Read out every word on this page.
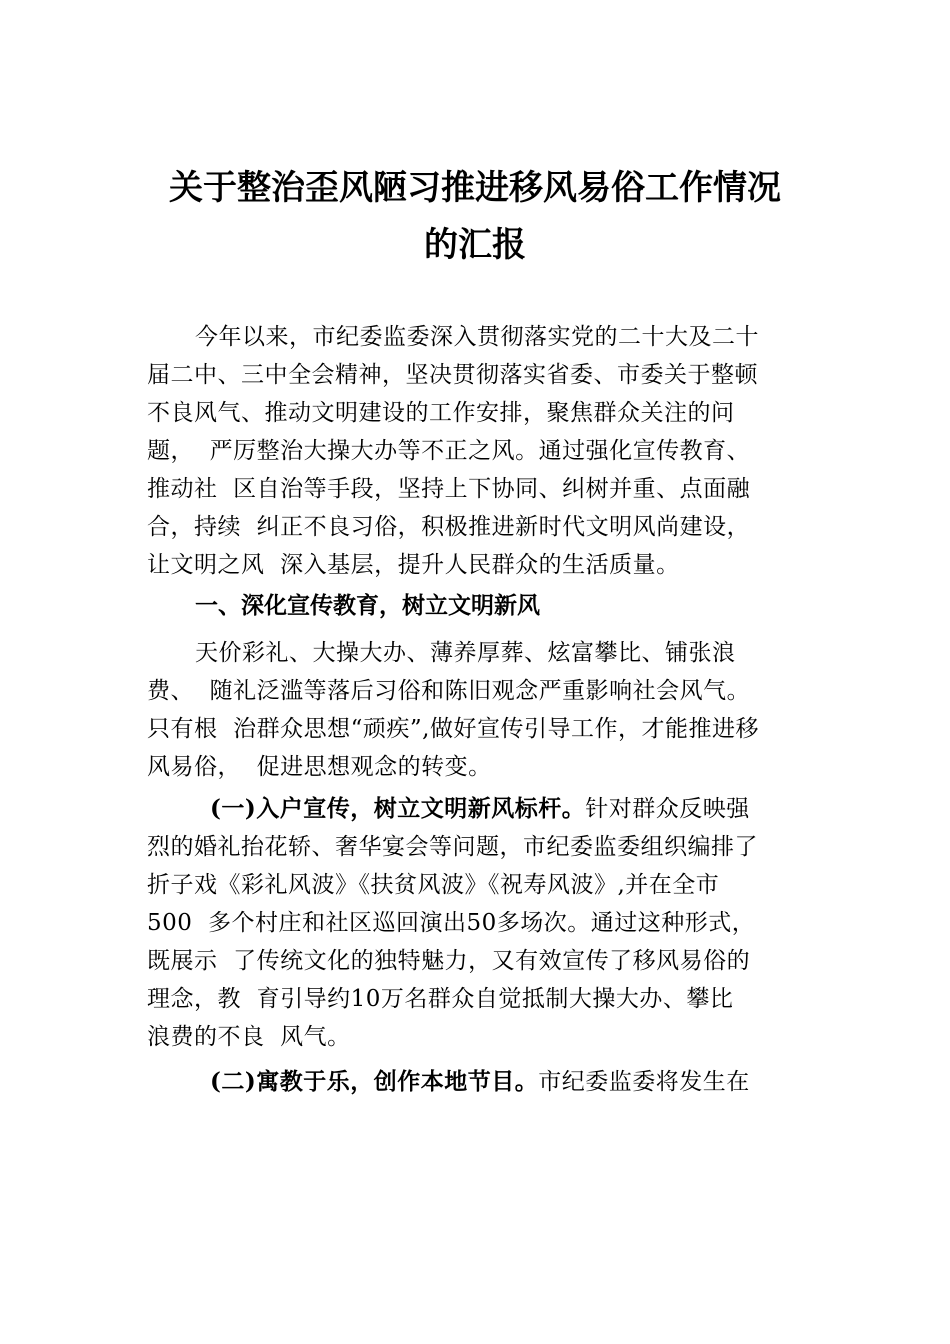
关于整治歪风陋习推进移风易俗工作情况
的汇报
今年以来，市纪委监委深入贯彻落实党的二十大及二十
届二中、三中全会精神，坚决贯彻落实省委、市委关于整顿
不良风气、推动文明建设的工作安排，聚焦群众关注的问
题，  严厉整治大操大办等不正之风。通过强化宣传教育、
推动社  区自治等手段，坚持上下协同、纠树并重、点面融
合，持续  纠正不良习俗，积极推进新时代文明风尚建设，
让文明之风  深入基层，提升人民群众的生活质量。
一、深化宣传教育，树立文明新风
天价彩礼、大操大办、薄养厚葬、炫富攀比、铺张浪
费、  随礼泛滥等落后习俗和陈旧观念严重影响社会风气。
只有根  治群众思想“顽疾”,做好宣传引导工作，才能推进移
风易俗，  促进思想观念的转变。
(一)入户宣传，树立文明新风标杆。针对群众反映强
烈的婚礼抬花轿、奢华宴会等问题，市纪委监委组织编排了
折子戏《彩礼风波》《扶贫风波》《祝寿风波》,并在全市
500  多个村庄和社区巡回演出50多场次。通过这种形式，
既展示  了传统文化的独特魅力，又有效宣传了移风易俗的
理念，教  育引导约10万名群众自觉抵制大操大办、攀比
浪费的不良  风气。
(二)寓教于乐，创作本地节目。市纪委监委将发生在
